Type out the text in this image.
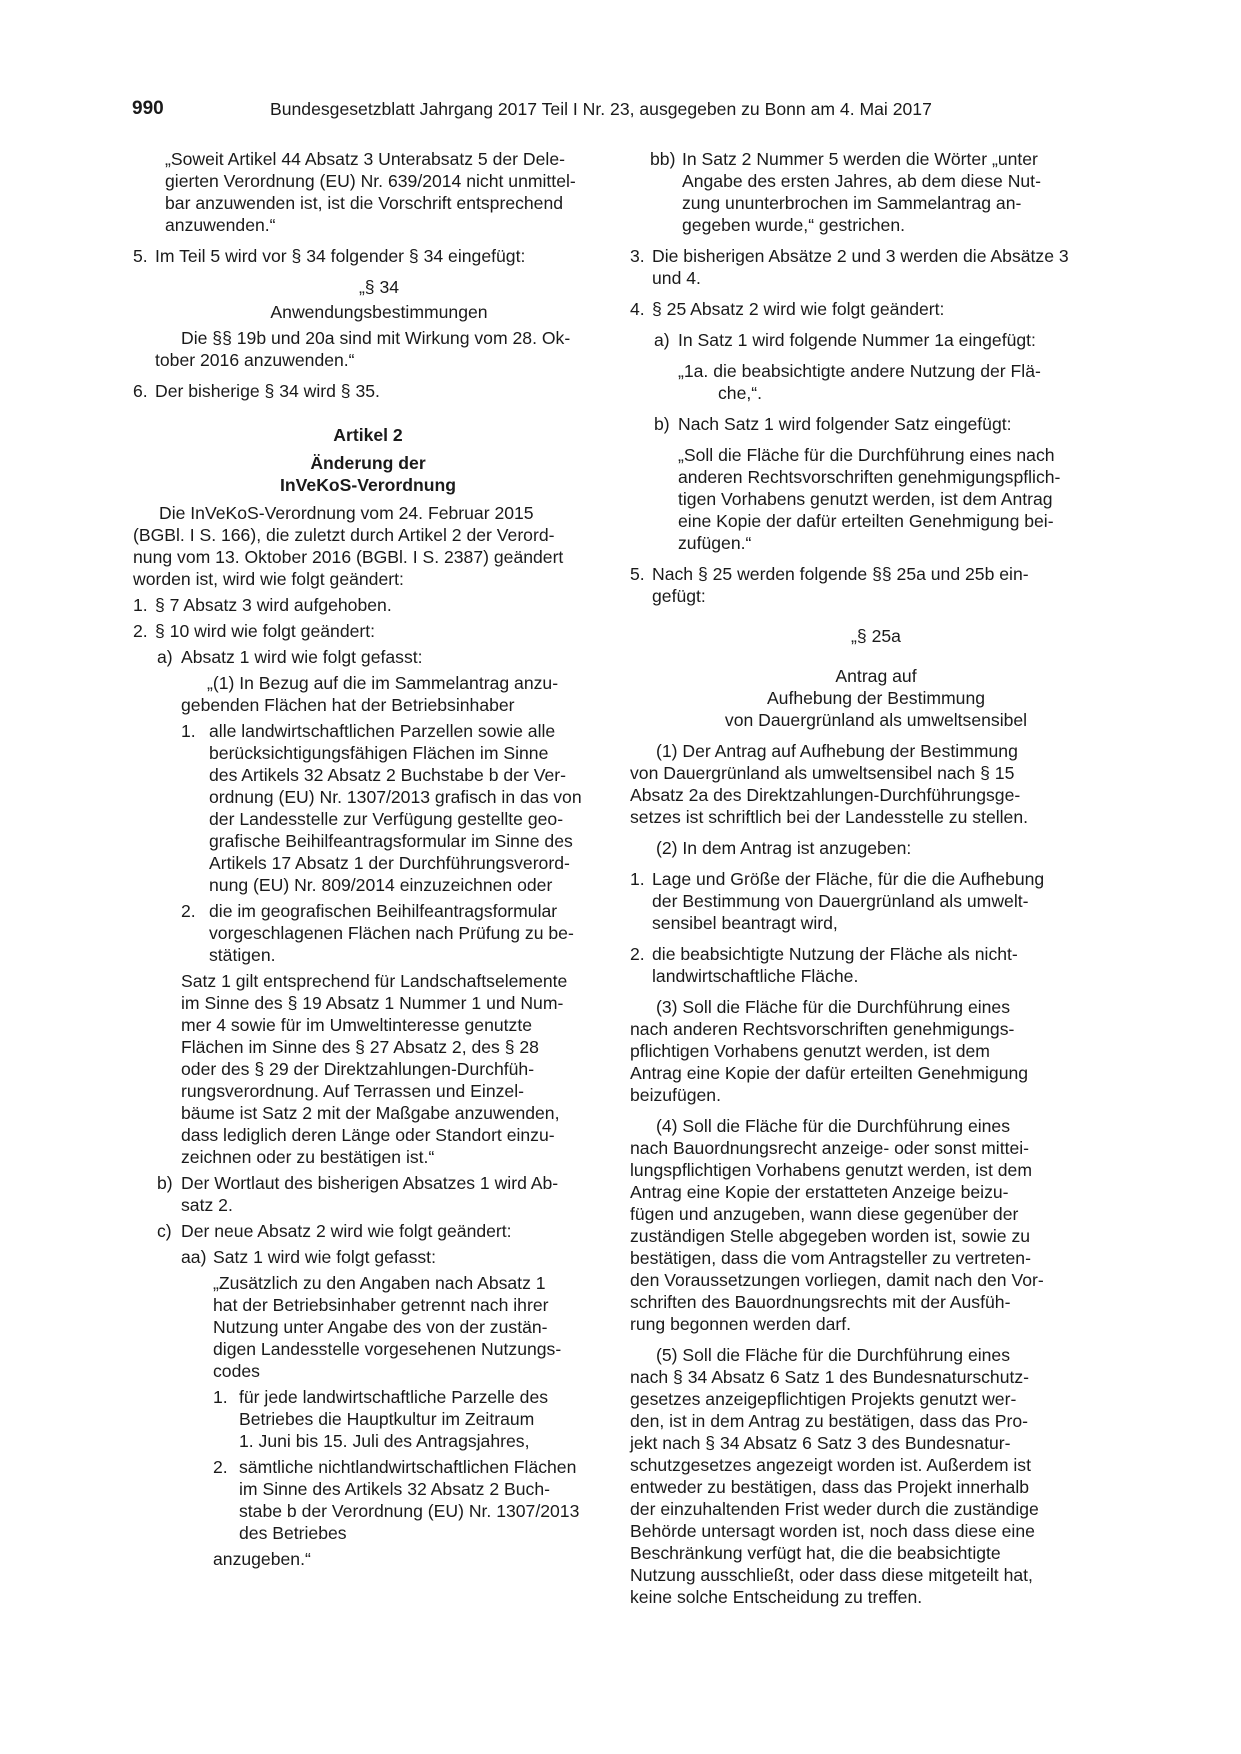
990	Bundesgesetzblatt Jahrgang 2017 Teil I Nr. 23, ausgegeben zu Bonn am 4. Mai 2017
„Soweit Artikel 44 Absatz 3 Unterabsatz 5 der Dele-
gierten Verordnung (EU) Nr. 639/2014 nicht unmittel-
bar anzuwenden ist, ist die Vorschrift entsprechend
anzuwenden.“
5. Im Teil 5 wird vor § 34 folgender § 34 eingefügt:
„§ 34
Anwendungsbestimmungen
Die §§ 19b und 20a sind mit Wirkung vom 28. Ok-
tober 2016 anzuwenden.“
6. Der bisherige § 34 wird § 35.
Artikel 2
Änderung der
InVeKoS-Verordnung
Die InVeKoS-Verordnung vom 24. Februar 2015
(BGBl. I S. 166), die zuletzt durch Artikel 2 der Verord-
nung vom 13. Oktober 2016 (BGBl. I S. 2387) geändert
worden ist, wird wie folgt geändert:
1. § 7 Absatz 3 wird aufgehoben.
2. § 10 wird wie folgt geändert:
a) Absatz 1 wird wie folgt gefasst:
„(1) In Bezug auf die im Sammelantrag anzu-
gebenden Flächen hat der Betriebsinhaber
1. alle landwirtschaftlichen Parzellen sowie alle
berücksichtigungsfähigen Flächen im Sinne
des Artikels 32 Absatz 2 Buchstabe b der Ver-
ordnung (EU) Nr. 1307/2013 grafisch in das von
der Landesstelle zur Verfügung gestellte geo-
grafische Beihilfeantragsformular im Sinne des
Artikels 17 Absatz 1 der Durchführungsverord-
nung (EU) Nr. 809/2014 einzuzeichnen oder
2. die im geografischen Beihilfeantragsformular
vorgeschlagenen Flächen nach Prüfung zu be-
stätigen.
Satz 1 gilt entsprechend für Landschaftselemente
im Sinne des § 19 Absatz 1 Nummer 1 und Num-
mer 4 sowie für im Umweltinteresse genutzte
Flächen im Sinne des § 27 Absatz 2, des § 28
oder des § 29 der Direktzahlungen-Durchfüh-
rungsverordnung. Auf Terrassen und Einzel-
bäume ist Satz 2 mit der Maßgabe anzuwenden,
dass lediglich deren Länge oder Standort einzu-
zeichnen oder zu bestätigen ist.“
b) Der Wortlaut des bisherigen Absatzes 1 wird Ab-
satz 2.
c) Der neue Absatz 2 wird wie folgt geändert:
aa) Satz 1 wird wie folgt gefasst:
„Zusätzlich zu den Angaben nach Absatz 1
hat der Betriebsinhaber getrennt nach ihrer
Nutzung unter Angabe des von der zustän-
digen Landesstelle vorgesehenen Nutzungs-
codes
1. für jede landwirtschaftliche Parzelle des
Betriebes die Hauptkultur im Zeitraum
1. Juni bis 15. Juli des Antragsjahres,
2. sämtliche nichtlandwirtschaftlichen Flächen
im Sinne des Artikels 32 Absatz 2 Buch-
stabe b der Verordnung (EU) Nr. 1307/2013
des Betriebes
anzugeben.“
bb) In Satz 2 Nummer 5 werden die Wörter „unter
Angabe des ersten Jahres, ab dem diese Nut-
zung ununterbrochen im Sammelantrag an-
gegeben wurde,“ gestrichen.
3. Die bisherigen Absätze 2 und 3 werden die Absätze 3
und 4.
4. § 25 Absatz 2 wird wie folgt geändert:
a) In Satz 1 wird folgende Nummer 1a eingefügt:
„1a. die beabsichtigte andere Nutzung der Flä-
che,“.
b) Nach Satz 1 wird folgender Satz eingefügt:
„Soll die Fläche für die Durchführung eines nach
anderen Rechtsvorschriften genehmigungspflich-
tigen Vorhabens genutzt werden, ist dem Antrag
eine Kopie der dafür erteilten Genehmigung bei-
zufügen.“
5. Nach § 25 werden folgende §§ 25a und 25b ein-
gefügt:
„§ 25a
Antrag auf
Aufhebung der Bestimmung
von Dauergrünland als umweltsensibel
(1) Der Antrag auf Aufhebung der Bestimmung
von Dauergrünland als umweltsensibel nach § 15
Absatz 2a des Direktzahlungen-Durchführungsge-
setzes ist schriftlich bei der Landesstelle zu stellen.
(2) In dem Antrag ist anzugeben:
1. Lage und Größe der Fläche, für die die Aufhebung
der Bestimmung von Dauergrünland als umwelt-
sensibel beantragt wird,
2. die beabsichtigte Nutzung der Fläche als nicht-
landwirtschaftliche Fläche.
(3) Soll die Fläche für die Durchführung eines
nach anderen Rechtsvorschriften genehmigungs-
pflichtigen Vorhabens genutzt werden, ist dem
Antrag eine Kopie der dafür erteilten Genehmigung
beizufügen.
(4) Soll die Fläche für die Durchführung eines
nach Bauordnungsrecht anzeige- oder sonst mittei-
lungspflichtigen Vorhabens genutzt werden, ist dem
Antrag eine Kopie der erstatteten Anzeige beizu-
fügen und anzugeben, wann diese gegenüber der
zuständigen Stelle abgegeben worden ist, sowie zu
bestätigen, dass die vom Antragsteller zu vertreten-
den Voraussetzungen vorliegen, damit nach den Vor-
schriften des Bauordnungsrechts mit der Ausfüh-
rung begonnen werden darf.
(5) Soll die Fläche für die Durchführung eines
nach § 34 Absatz 6 Satz 1 des Bundesnaturschutz-
gesetzes anzeigepflichtigen Projekts genutzt wer-
den, ist in dem Antrag zu bestätigen, dass das Pro-
jekt nach § 34 Absatz 6 Satz 3 des Bundesnatur-
schutzgesetzes angezeigt worden ist. Außerdem ist
entweder zu bestätigen, dass das Projekt innerhalb
der einzuhaltenden Frist weder durch die zuständige
Behörde untersagt worden ist, noch dass diese eine
Beschränkung verfügt hat, die die beabsichtigte
Nutzung ausschließt, oder dass diese mitgeteilt hat,
keine solche Entscheidung zu treffen.
